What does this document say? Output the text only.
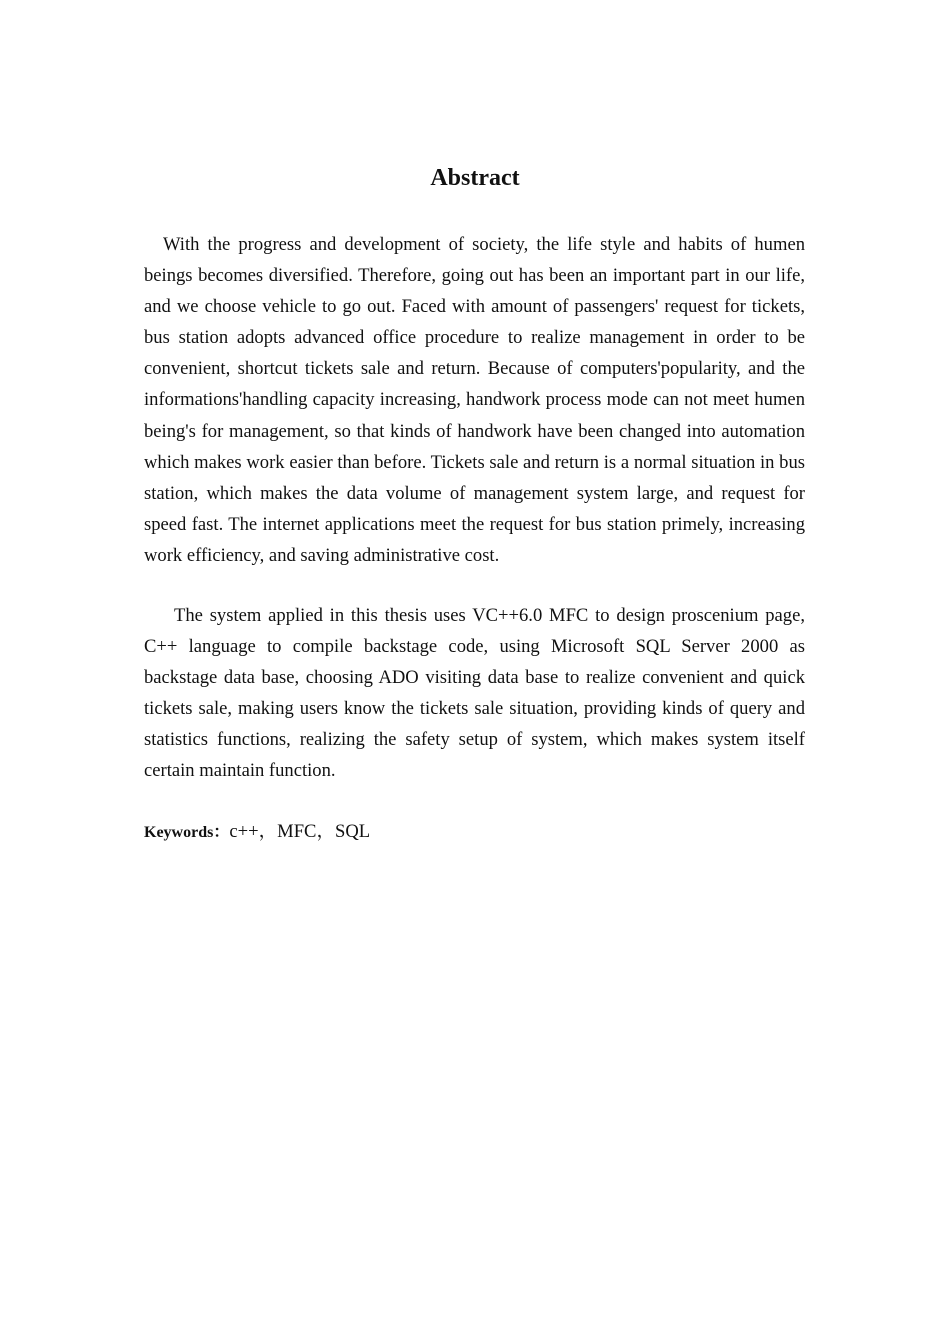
Abstract

With the progress and development of society, the life style and habits of humen beings becomes diversified. Therefore, going out has been an important part in our life, and we choose vehicle to go out. Faced with amount of passengers' request for tickets, bus station adopts advanced office procedure to realize management in order to be convenient, shortcut tickets sale and return. Because of computers'popularity, and the informations'handling capacity increasing, handwork process mode can not meet humen being's for management, so that kinds of handwork have been changed into automation which makes work easier than before. Tickets sale and return is a normal situation in bus station, which makes the data volume of management system large, and request for speed fast. The internet applications meet the request for bus station primely, increasing work efficiency, and saving administrative cost.

The system applied in this thesis uses VC++6.0 MFC to design proscenium page, C++ language to compile backstage code, using Microsoft SQL Server 2000 as backstage data base, choosing ADO visiting data base to realize convenient and quick tickets sale, making users know the tickets sale situation, providing kinds of query and statistics functions, realizing the safety setup of system, which makes system itself certain maintain function.

Keywords：c++，MFC，SQL
